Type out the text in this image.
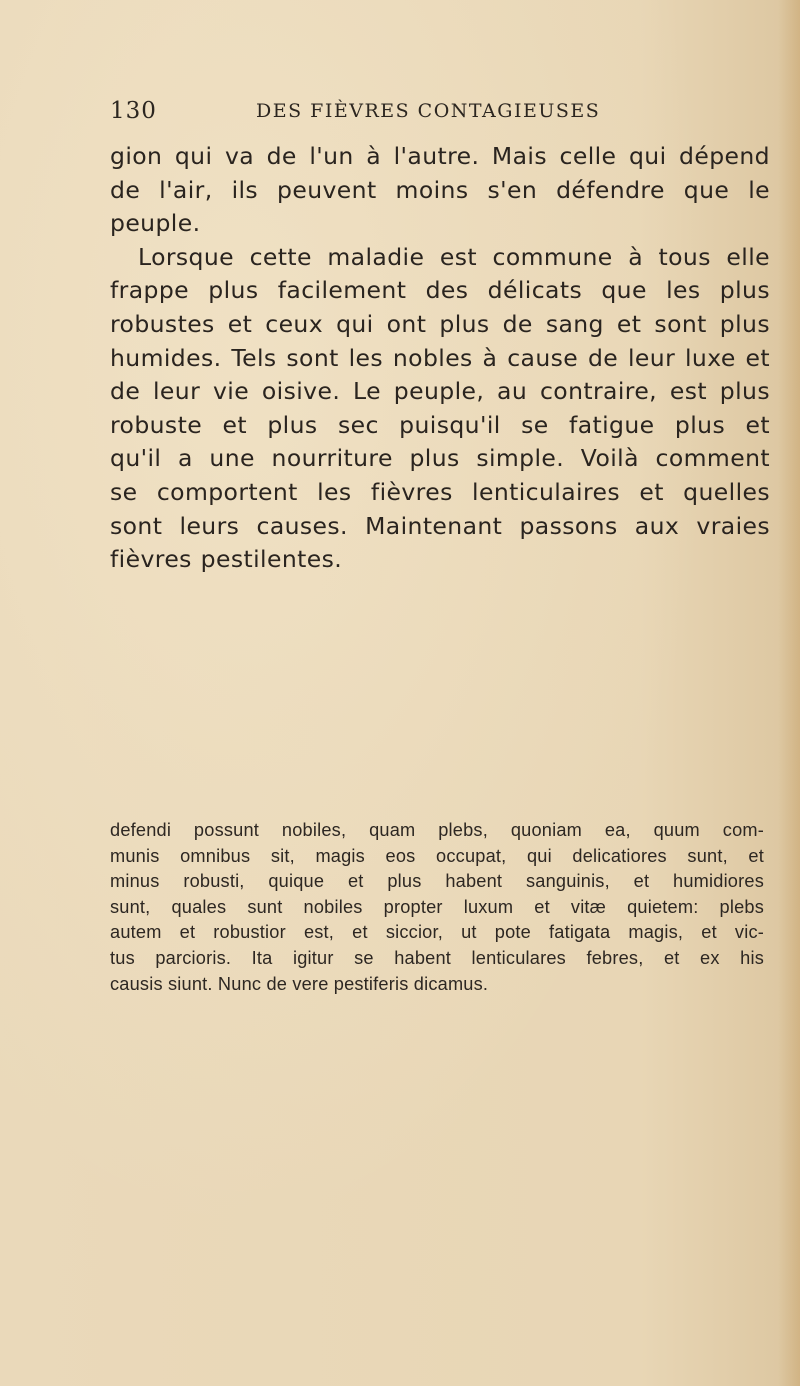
130	DES FIÈVRES CONTAGIEUSES
gion qui va de l'un à l'autre. Mais celle qui dépend
de l'air, ils peuvent moins s'en défendre que le
peuple.
Lorsque cette maladie est commune à tous elle
frappe plus facilement des délicats que les plus
robustes et ceux qui ont plus de sang et sont plus
humides. Tels sont les nobles à cause de leur luxe et
de leur vie oisive. Le peuple, au contraire, est plus
robuste et plus sec puisqu'il se fatigue plus et
qu'il a une nourriture plus simple. Voilà comment
se comportent les fièvres lenticulaires et quelles
sont leurs causes. Maintenant passons aux vraies
fièvres pestilentes.
defendi possunt nobiles, quam plebs, quoniam ea, quum com-
munis omnibus sit, magis eos occupat, qui delicatiores sunt, et
minus robusti, quique et plus habent sanguinis, et humidiores
sunt, quales sunt nobiles propter luxum et vitæ quietem: plebs
autem et robustior est, et siccior, ut pote fatigata magis, et vic-
tus parcioris. Ita igitur se habent lenticulares febres, et ex his
causis siunt. Nunc de vere pestiferis dicamus.
